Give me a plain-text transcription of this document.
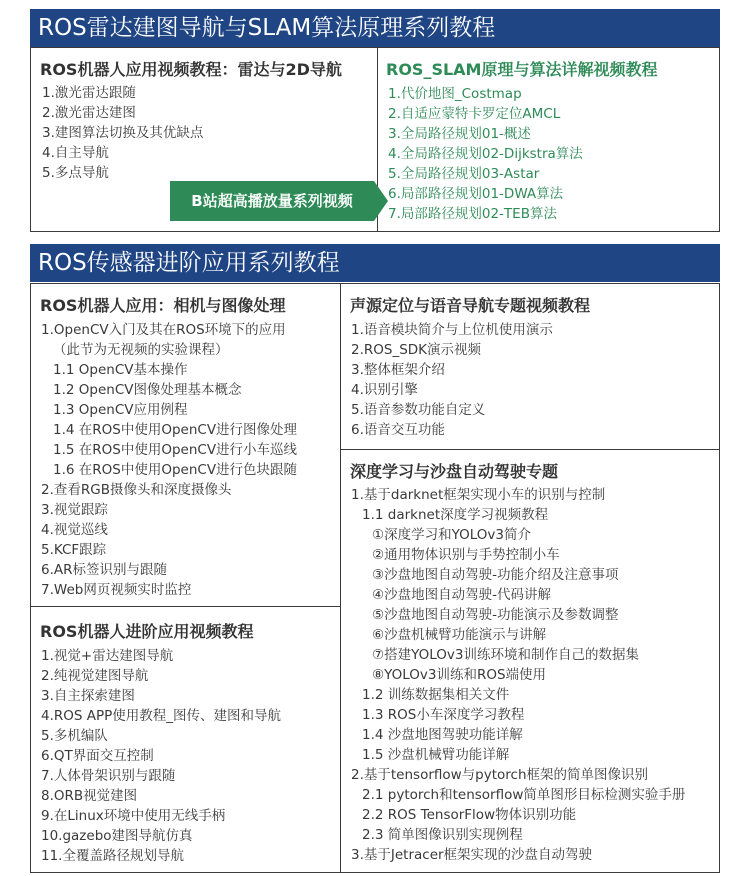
ROS雷达建图导航与SLAM算法原理系列教程
ROS机器人应用视频教程：雷达与2D导航
1.激光雷达跟随
2.激光雷达建图
3.建图算法切换及其优缺点
4.自主导航
5.多点导航
ROS_SLAM原理与算法详解视频教程
1.代价地图_Costmap
2.自适应蒙特卡罗定位AMCL
3.全局路径规划01-概述
4.全局路径规划02-Dijkstra算法
5.全局路径规划03-Astar
6.局部路径规划01-DWA算法
7.局部路径规划02-TEB算法
B站超高播放量系列视频
ROS传感器进阶应用系列教程
ROS机器人应用：相机与图像处理
1.OpenCV入门及其在ROS环境下的应用
（此节为无视频的实验课程）
1.1 OpenCV基本操作
1.2 OpenCV图像处理基本概念
1.3 OpenCV应用例程
1.4 在ROS中使用OpenCV进行图像处理
1.5 在ROS中使用OpenCV进行小车巡线
1.6 在ROS中使用OpenCV进行色块跟随
2.查看RGB摄像头和深度摄像头
3.视觉跟踪
4.视觉巡线
5.KCF跟踪
6.AR标签识别与跟随
7.Web网页视频实时监控
ROS机器人进阶应用视频教程
1.视觉+雷达建图导航
2.纯视觉建图导航
3.自主探索建图
4.ROS APP使用教程_图传、建图和导航
5.多机编队
6.QT界面交互控制
7.人体骨架识别与跟随
8.ORB视觉建图
9.在Linux环境中使用无线手柄
10.gazebo建图导航仿真
11.全覆盖路径规划导航
声源定位与语音导航专题视频教程
1.语音模块简介与上位机使用演示
2.ROS_SDK演示视频
3.整体框架介绍
4.识别引擎
5.语音参数功能自定义
6.语音交互功能
深度学习与沙盘自动驾驶专题
1.基于darknet框架实现小车的识别与控制
1.1 darknet深度学习视频教程
①深度学习和YOLOv3简介
②通用物体识别与手势控制小车
③沙盘地图自动驾驶-功能介绍及注意事项
④沙盘地图自动驾驶-代码讲解
⑤沙盘地图自动驾驶-功能演示及参数调整
⑥沙盘机械臂功能演示与讲解
⑦搭建YOLOv3训练环境和制作自己的数据集
⑧YOLOv3训练和ROS端使用
1.2 训练数据集相关文件
1.3 ROS小车深度学习教程
1.4 沙盘地图驾驶功能详解
1.5 沙盘机械臂功能详解
2.基于tensorflow与pytorch框架的简单图像识别
2.1 pytorch和tensorflow简单图形目标检测实验手册
2.2 ROS TensorFlow物体识别功能
2.3 简单图像识别实现例程
3.基于Jetracer框架实现的沙盘自动驾驶
